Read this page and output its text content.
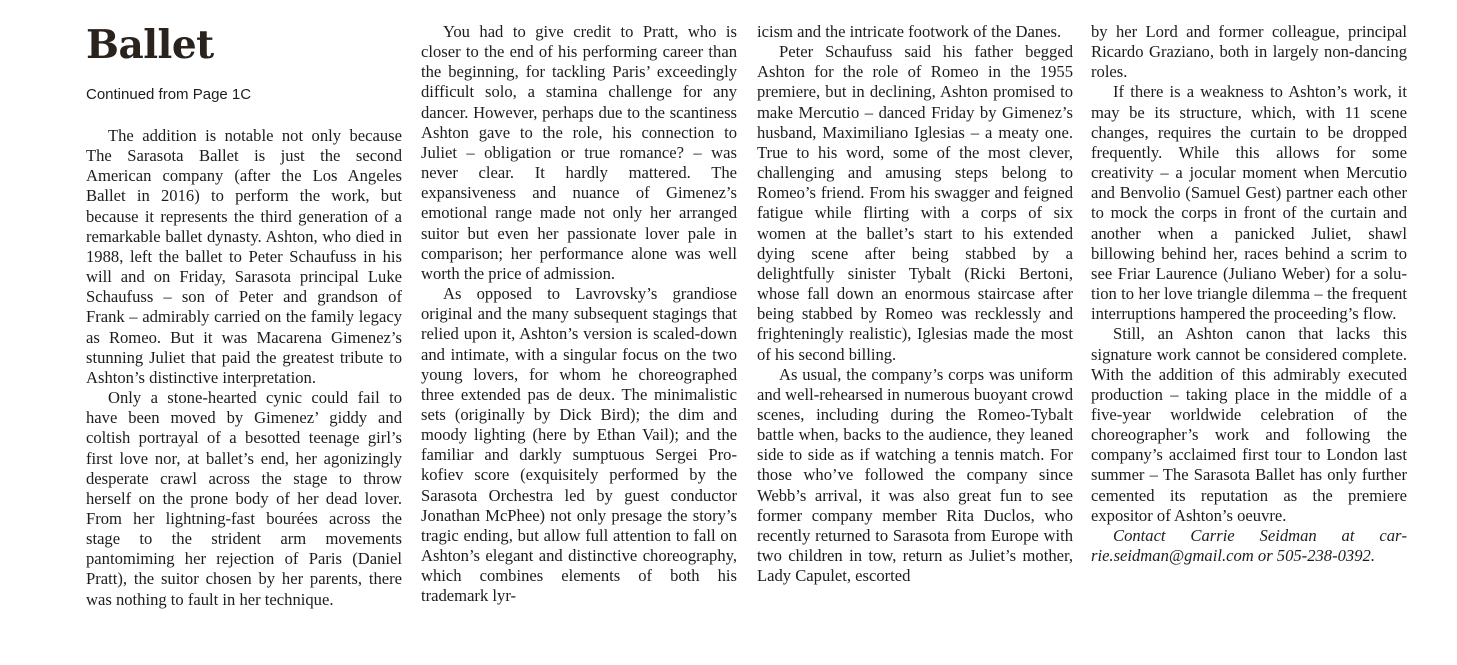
Ballet
Continued from Page 1C

The addition is notable not only because The Sarasota Ballet is just the second American company (after the Los Angeles Ballet in 2016) to perform the work, but because it represents the third generation of a remarkable ballet dynasty. Ashton, who died in 1988, left the ballet to Peter Schaufuss in his will and on Friday, Sarasota principal Luke Schaufuss – son of Peter and grandson of Frank – admirably carried on the family legacy as Romeo. But it was Macarena Gimenez’s stunning Juliet that paid the greatest tribute to Ashton’s distinctive interpretation.

Only a stone-hearted cynic could fail to have been moved by Gimenez’ giddy and coltish portrayal of a besotted teenage girl’s first love nor, at ballet’s end, her agonizingly desperate crawl across the stage to throw herself on the prone body of her dead lover. From her lightning-fast bourées across the stage to the strident arm movements pantomiming her rejection of Paris (Daniel Pratt), the suitor chosen by her parents, there was nothing to fault in her technique.

You had to give credit to Pratt, who is closer to the end of his performing career than the beginning, for tackling Paris’ exceedingly difficult solo, a stamina challenge for any dancer. However, perhaps due to the scantiness Ashton gave to the role, his connection to Juliet – obligation or true romance? – was never clear. It hardly mattered. The expansiveness and nuance of Gimenez’s emotional range made not only her arranged suitor but even her passionate lover pale in comparison; her performance alone was well worth the price of admission.

As opposed to Lavrovsky’s grandiose original and the many subsequent stagings that relied upon it, Ashton’s version is scaled-down and intimate, with a singular focus on the two young lovers, for whom he choreographed three extended pas de deux. The minimalistic sets (originally by Dick Bird); the dim and moody lighting (here by Ethan Vail); and the familiar and darkly sumptuous Sergei Prokofiev score (exquisitely performed by the Sarasota Orchestra led by guest conductor Jonathan McPhee) not only presage the story’s tragic ending, but allow full attention to fall on Ashton’s elegant and distinctive choreography, which combines elements of both his trademark lyr-

icism and the intricate footwork of the Danes.

Peter Schaufuss said his father begged Ashton for the role of Romeo in the 1955 premiere, but in declining, Ashton promised to make Mercutio – danced Friday by Gimenez’s husband, Maximiliano Iglesias – a meaty one. True to his word, some of the most clever, challenging and amusing steps belong to Romeo’s friend. From his swagger and feigned fatigue while flirting with a corps of six women at the ballet’s start to his extended dying scene after being stabbed by a delightfully sinister Tybalt (Ricki Bertoni, whose fall down an enormous staircase after being stabbed by Romeo was recklessly and frighteningly realistic), Iglesias made the most of his second billing.

As usual, the company’s corps was uniform and well-rehearsed in numerous buoyant crowd scenes, including during the Romeo-Tybalt battle when, backs to the audience, they leaned side to side as if watching a tennis match. For those who’ve followed the company since Webb’s arrival, it was also great fun to see former company member Rita Duclos, who recently returned to Sarasota from Europe with two children in tow, return as Juliet’s mother, Lady Capulet, escorted

by her Lord and former colleague, principal Ricardo Graziano, both in largely non-dancing roles.

If there is a weakness to Ashton’s work, it may be its structure, which, with 11 scene changes, requires the curtain to be dropped frequently. While this allows for some creativity – a jocular moment when Mercutio and Benvolio (Samuel Gest) partner each other to mock the corps in front of the curtain and another when a panicked Juliet, shawl billowing behind her, races behind a scrim to see Friar Laurence (Juliano Weber) for a solution to her love triangle dilemma – the frequent interruptions hampered the proceeding’s flow.

Still, an Ashton canon that lacks this signature work cannot be considered complete. With the addition of this admirably executed production – taking place in the middle of a five-year worldwide celebration of the choreographer’s work and following the company’s acclaimed first tour to London last summer – The Sarasota Ballet has only further cemented its reputation as the premiere expositor of Ashton’s oeuvre.

Contact Carrie Seidman at carrie.seidman@gmail.com or 505-238-0392.
